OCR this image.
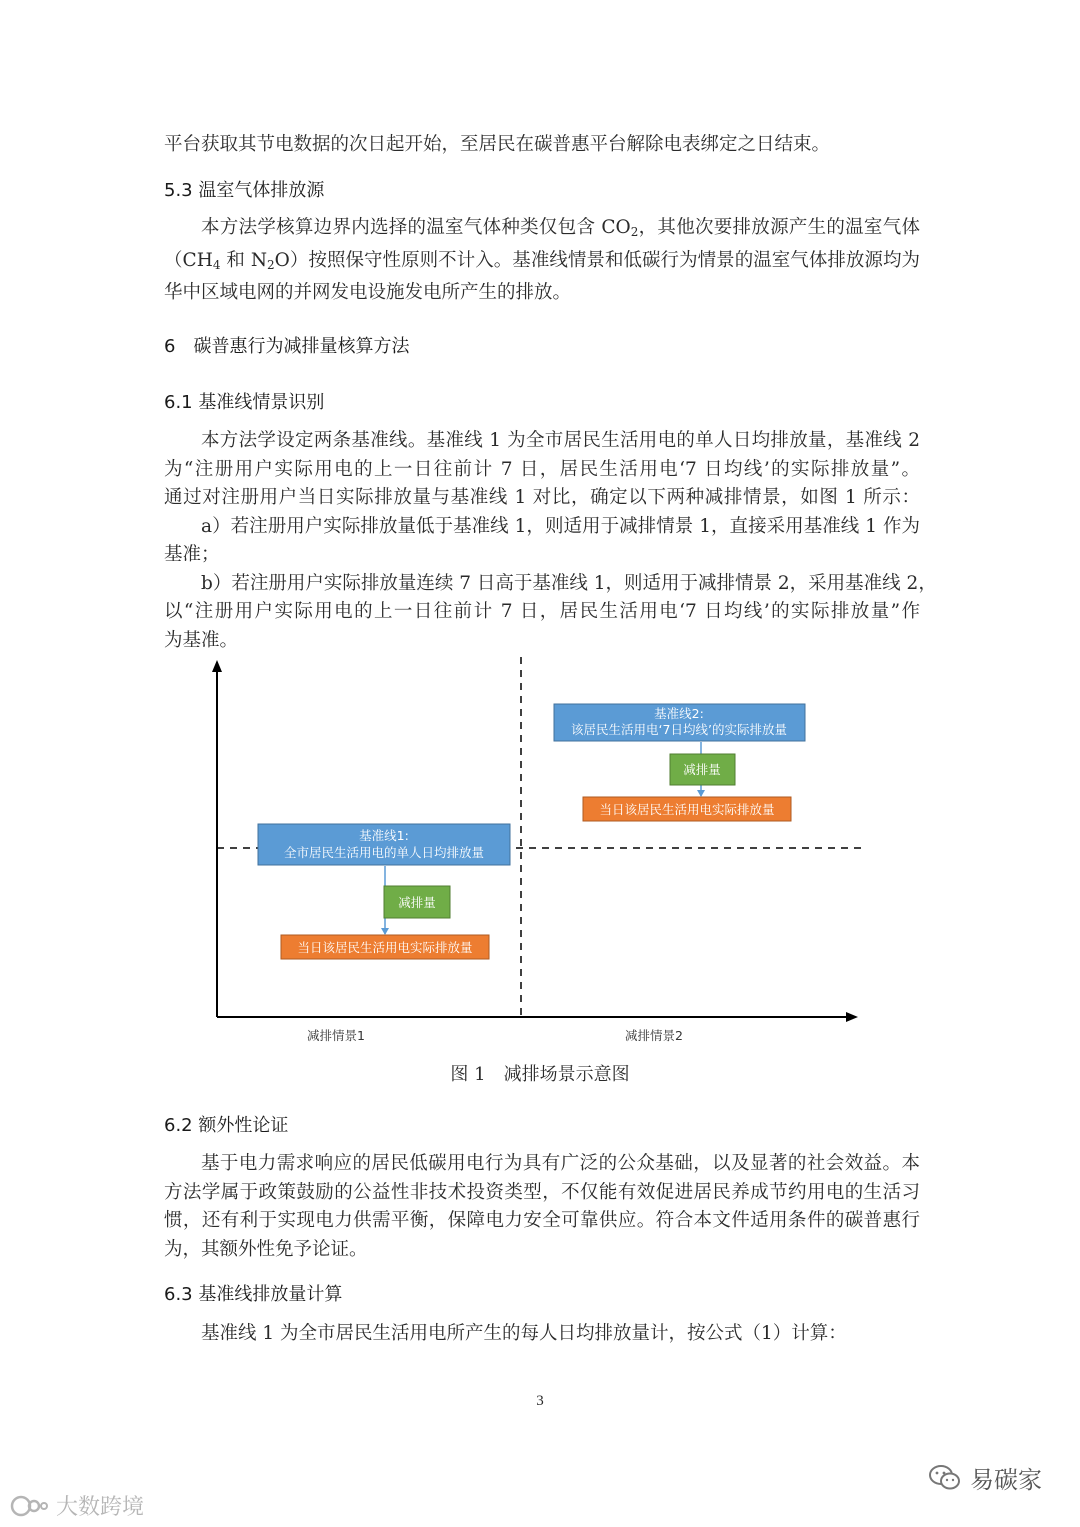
平台获取其节电数据的次日起开始，至居民在碳普惠平台解除电表绑定之日结束。

5.3 温室气体排放源

本方法学核算边界内选择的温室气体种类仅包含 $CO_2$，其他次要排放源产生的温室气体
（$CH_4$ 和 $N_2O$）按照保守性原则不计入。基准线情景和低碳行为情景的温室气体排放源均为
华中区域电网的并网发电设施发电所产生的排放。

6　碳普惠行为减排量核算方法

6.1 基准线情景识别

本方法学设定两条基准线。基准线 1 为全市居民生活用电的单人日均排放量，基准线 2
为“注册用户实际用电的上一日往前计 7 日，居民生活用电‘7 日均线’的实际排放量”。
通过对注册用户当日实际排放量与基准线 1 对比，确定以下两种减排情景，如图 1 所示：
a）若注册用户实际排放量低于基准线 1，则适用于减排情景 1，直接采用基准线 1 作为
基准；
b）若注册用户实际排放量连续 7 日高于基准线 1，则适用于减排情景 2，采用基准线 2，
以“注册用户实际用电的上一日往前计 7 日，居民生活用电‘7 日均线’的实际排放量”作
为基准。
基准线1:
全市居民生活用电的单人日均排放量
减排量
当日该居民生活用电实际排放量
基准线2:
该居民生活用电‘7日均线’的实际排放量
减排量
当日该居民生活用电实际排放量
减排情景1	减排情景2
图 1　减排场景示意图

6.2 额外性论证

基于电力需求响应的居民低碳用电行为具有广泛的公众基础，以及显著的社会效益。本
方法学属于政策鼓励的公益性非技术投资类型，不仅能有效促进居民养成节约用电的生活习
惯，还有利于实现电力供需平衡，保障电力安全可靠供应。符合本文件适用条件的碳普惠行
为，其额外性免予论证。

6.3 基准线排放量计算

基准线 1 为全市居民生活用电所产生的每人日均排放量计，按公式（1）计算：
3
易碳家
大数跨境
